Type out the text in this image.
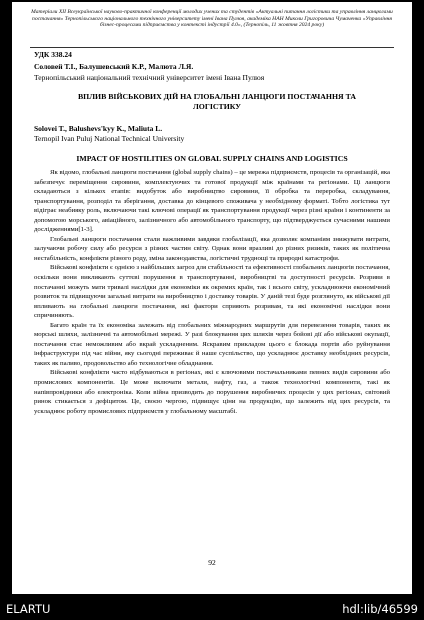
Матеріали ХІІ Всеукраїнської науково-практичної конференції молодих учених та студентів «Актуальні питання логістики та управління ланцюгами постачання» Тернопільського національного технічного університету імені Івана Пулюя, академіка НАН Миколи Григоровича Чумаченка «Управління бізнес-процесами підприємства у контексті індустрії 4.0», (Тернопіль, 11 жовтня 2024 року)
УДК 338.24
Соловей Т.І., Балушевський К.Р., Малюта Л.Я.
Тернопільський національний технічний університет імені Івана Пулюя
ВПЛИВ ВІЙСЬКОВИХ ДІЙ НА ГЛОБАЛЬНІ ЛАНЦЮГИ ПОСТАЧАННЯ ТА ЛОГІСТИКУ
Solovei T., Balushevs'kyy K., Maliuta L.
Ternopil Ivan Puluj National Technical University
IMPACT OF HOSTILITIES ON GLOBAL SUPPLY CHAINS AND LOGISTICS

Як відомо, глобальні ланцюги постачання (global supply chains) – це мережа підприємств, процесів та організацій, яка забезпечує переміщення сировини, комплектуючих та готової продукції між країнами та регіонами. Ці ланцюги складаються з кількох етапів: видобуток або виробництво сировини, її обробка та переробка, складування, транспортування, розподіл та зберігання, доставка до кінцевого споживача у необхідному форматі. Тобто логістика тут відіграє неабияку роль, включаючи такі ключові операції як транспортування продукції через різні країни і континенти за допомогою морського, авіаційного, залізничного або автомобільного транспорту, що підтверджується сучасними нашими дослідженнями[1-3].

Глобальні ланцюги постачання стали важливими завдяки глобалізації, яка дозволяє компаніям знижувати витрати, залучаючи робочу силу або ресурси з різних частин світу. Однак вони вразливі до різних ризиків, таких як політична нестабільність, конфлікти різного роду, зміна законодавства, логістичні труднощі та природні катастрофи.

Військові конфлікти є однією з найбільших загроз для стабільності та ефективності глобальних ланцюгів постачання, оскільки вони викликають суттєві порушення в транспортуванні, виробництві та доступності ресурсів. Розриви в постачанні можуть мати тривалі наслідки для економіки як окремих країн, так і всього світу, ускладнюючи економічний розвиток та підвищуючи загальні витрати на виробництво і доставку товарів. У даній тезі буде розглянуто, як військові дії впливають на глобальні ланцюги постачання, які фактори сприяють розривам, та які економічні наслідки вони спричиняють.

Багато країн та їх економіка залежать від глобальних міжнародних маршрутів для перевезення товарів, таких як морські шляхи, залізничні та автомобільні мережі. У разі блокування цих шляхів через бойові дії або військові окупації, постачання стає неможливим або вкрай ускладненим. Яскравим прикладом цього є блокада портів або руйнування інфраструктури під час війни, яку сьогодні переживає й наше суспільство, що ускладнює доставку необхідних ресурсів, таких як паливо, продовольство або технологічне обладнання.

Військові конфлікти часто відбуваються в регіонах, які є ключовими постачальниками певних видів сировини або промислових компонентів. Це може включати метали, нафту, газ, а також технологічні компоненти, такі як напівпровідники або електроніка. Коли війна призводить до порушення виробничих процесів у цих регіонах, світовий ринок стикається з дефіцитом. Це, своєю чергою, підвищує ціни на продукцію, що залежить від цих ресурсів, та ускладнює роботу промислових підприємств у глобальному масштабі.

92
ELARTU	hdl:lib/46599
